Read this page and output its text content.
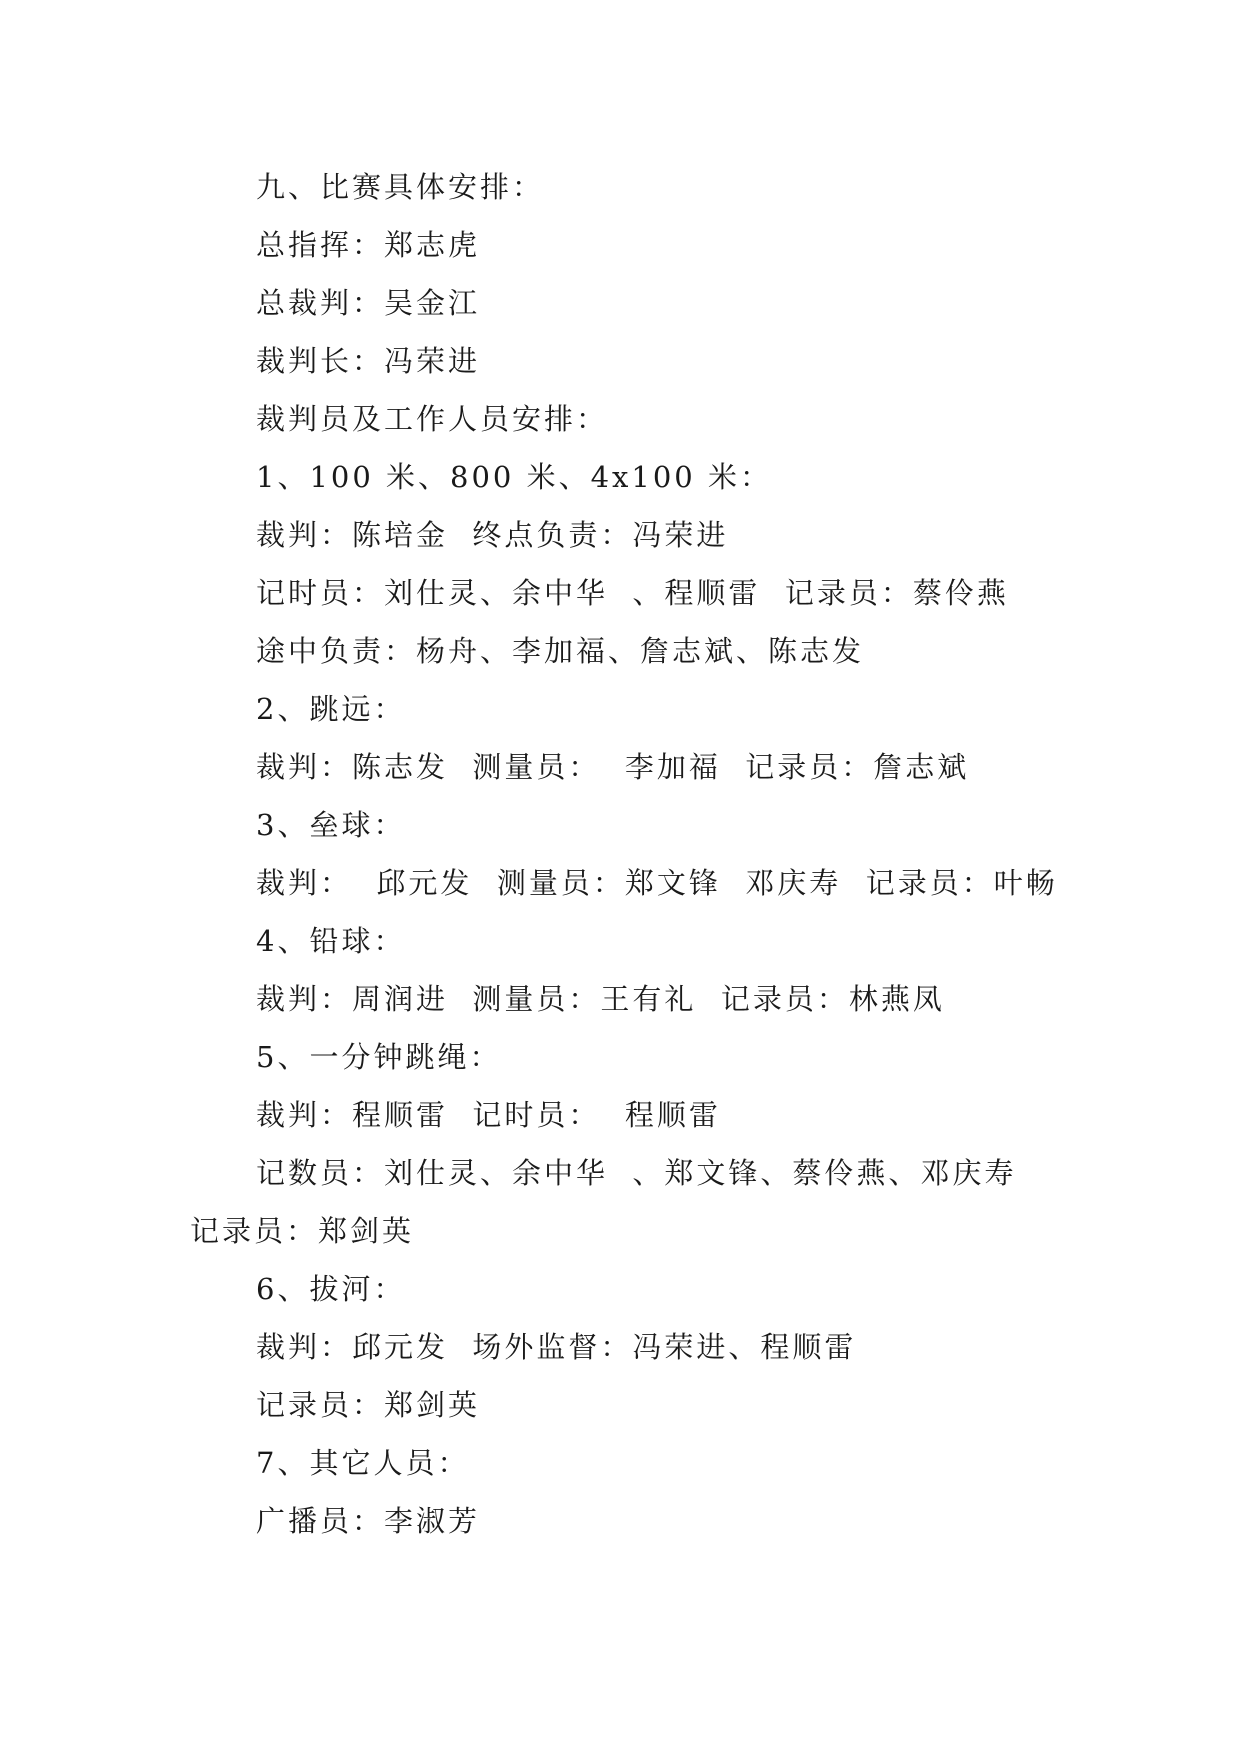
九、比赛具体安排：
总指挥：郑志虎
总裁判：吴金江
裁判长：冯荣进
裁判员及工作人员安排：
1、100 米、800 米、4x100 米：
裁判：陈培金  终点负责：冯荣进
记时员：刘仕灵、余中华  、程顺雷  记录员：蔡伶燕
途中负责：杨舟、李加福、詹志斌、陈志发
2、跳远：
裁判：陈志发  测量员：  李加福  记录员：詹志斌
3、垒球：
裁判：  邱元发  测量员：郑文锋  邓庆寿  记录员：叶畅
4、铅球：
裁判：周润进  测量员：王有礼  记录员：林燕凤
5、一分钟跳绳：
裁判：程顺雷  记时员：  程顺雷
记数员：刘仕灵、余中华  、郑文锋、蔡伶燕、邓庆寿
记录员：郑剑英
6、拔河：
裁判：邱元发  场外监督：冯荣进、程顺雷
记录员：郑剑英
7、其它人员：
广播员：李淑芳
